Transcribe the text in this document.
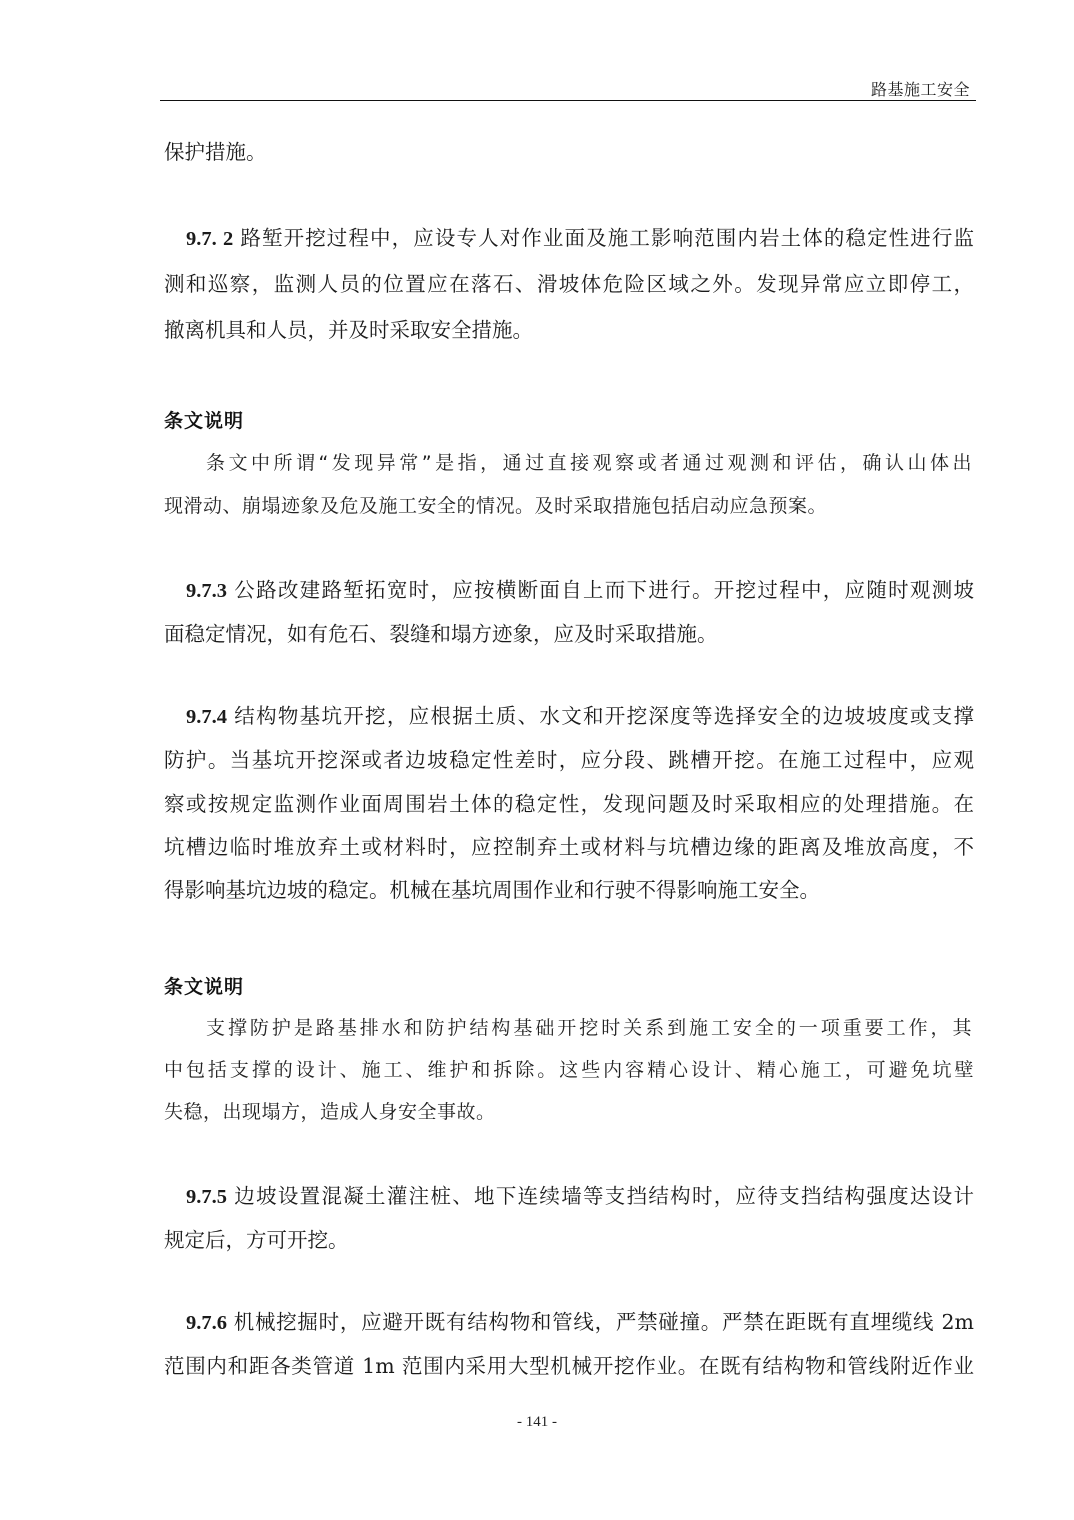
路基施工安全
保护措施。
9.7. 2 路堑开挖过程中，应设专人对作业面及施工影响范围内岩土体的稳定性进行监
测和巡察，监测人员的位置应在落石、滑坡体危险区域之外。发现异常应立即停工，
撤离机具和人员，并及时采取安全措施。
条文说明
条文中所谓“发现异常”是指，通过直接观察或者通过观测和评估，确认山体出
现滑动、崩塌迹象及危及施工安全的情况。及时采取措施包括启动应急预案。
9.7.3 公路改建路堑拓宽时，应按横断面自上而下进行。开挖过程中，应随时观测坡
面稳定情况，如有危石、裂缝和塌方迹象，应及时采取措施。
9.7.4 结构物基坑开挖，应根据土质、水文和开挖深度等选择安全的边坡坡度或支撑
防护。当基坑开挖深或者边坡稳定性差时，应分段、跳槽开挖。在施工过程中，应观
察或按规定监测作业面周围岩土体的稳定性，发现问题及时采取相应的处理措施。在
坑槽边临时堆放弃土或材料时，应控制弃土或材料与坑槽边缘的距离及堆放高度，不
得影响基坑边坡的稳定。机械在基坑周围作业和行驶不得影响施工安全。
条文说明
支撑防护是路基排水和防护结构基础开挖时关系到施工安全的一项重要工作，其
中包括支撑的设计、施工、维护和拆除。这些内容精心设计、精心施工，可避免坑壁
失稳，出现塌方，造成人身安全事故。
9.7.5 边坡设置混凝土灌注桩、地下连续墙等支挡结构时，应待支挡结构强度达设计
规定后，方可开挖。
9.7.6 机械挖掘时，应避开既有结构物和管线，严禁碰撞。严禁在距既有直埋缆线 2m
范围内和距各类管道 1m 范围内采用大型机械开挖作业。在既有结构物和管线附近作业
- 141 -
